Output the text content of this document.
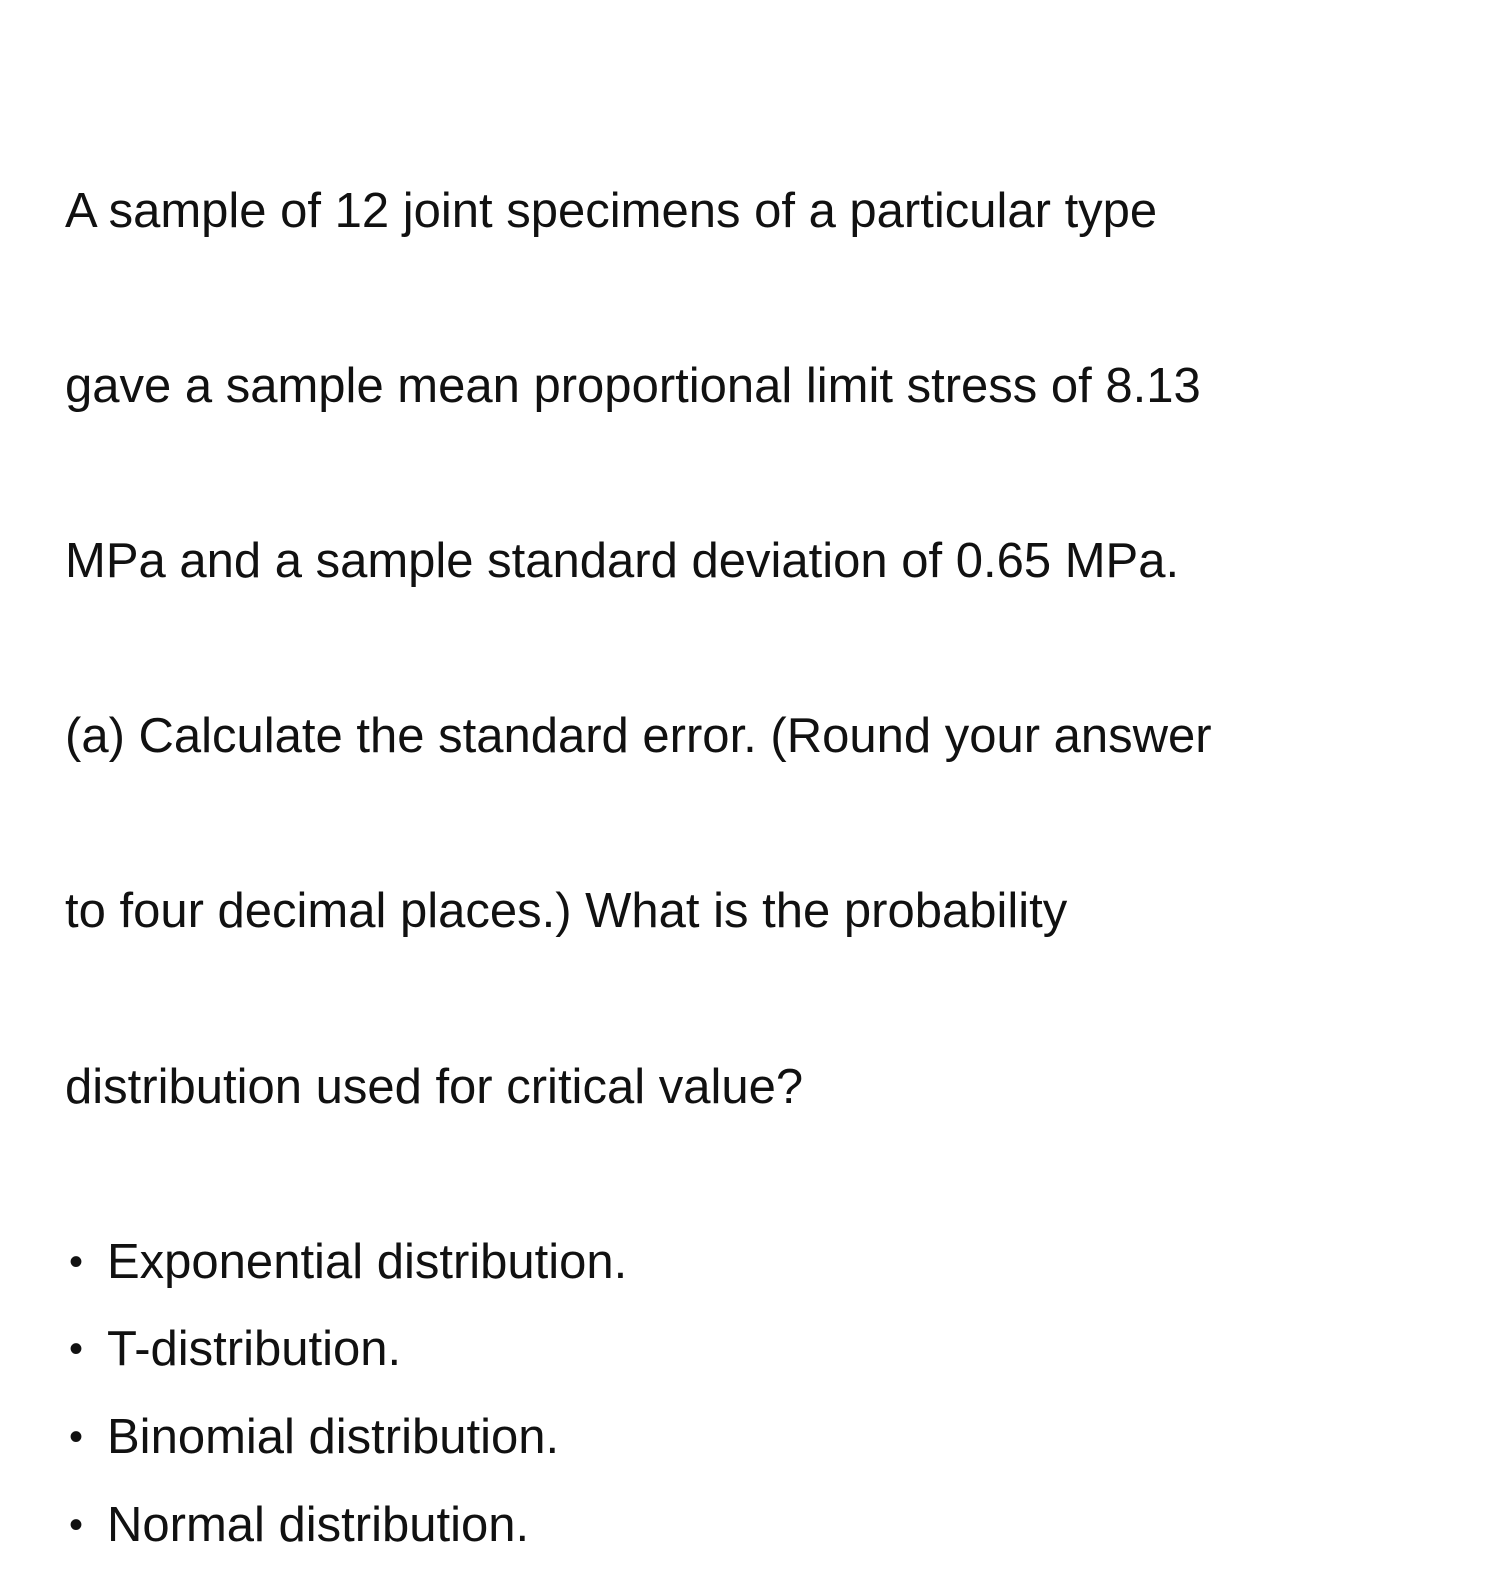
A sample of 12 joint specimens of a particular type

gave a sample mean proportional limit stress of 8.13

MPa and a sample standard deviation of 0.65 MPa.

(a) Calculate the standard error. (Round your answer

to four decimal places.) What is the probability

distribution used for critical value?

• Exponential distribution.
• T-distribution.
• Binomial distribution.
• Normal distribution.
